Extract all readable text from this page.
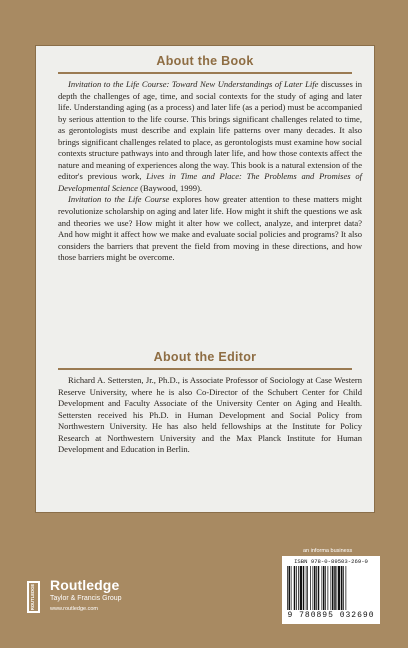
About the Book

Invitation to the Life Course: Toward New Understandings of Later Life discusses in depth the challenges of age, time, and social contexts for the study of aging and later life. Understanding aging (as a process) and later life (as a period) must be accompanied by serious attention to the life course. This brings significant challenges related to time, as gerontologists must describe and explain life patterns over many decades. It also brings significant challenges related to place, as gerontologists must examine how social contexts structure pathways into and through later life, and how those contexts affect the nature and meaning of experiences along the way. This book is a natural extension of the editor's previous work, Lives in Time and Place: The Problems and Promises of Developmental Science (Baywood, 1999).

Invitation to the Life Course explores how greater attention to these matters might revolutionize scholarship on aging and later life. How might it shift the questions we ask and theories we use? How might it alter how we collect, analyze, and interpret data? And how might it affect how we make and evaluate social policies and programs? It also considers the barriers that prevent the field from moving in these directions, and how those barriers might be overcome.

About the Editor

Richard A. Settersten, Jr., Ph.D., is Associate Professor of Sociology at Case Western Reserve University, where he is also Co-Director of the Schubert Center for Child Development and Faculty Associate of the University Center on Aging and Health. Settersten received his Ph.D. in Human Development and Social Policy from Northwestern University. He has also held fellowships at the Institute for Policy Research at Northwestern University and the Max Planck Institute for Human Development and Education in Berlin.

an informa business
ROUTLEDGE Routledge
Taylor & Francis Group
www.routledge.com
ISBN 978-0-89503-269-0
9 780895 032690
